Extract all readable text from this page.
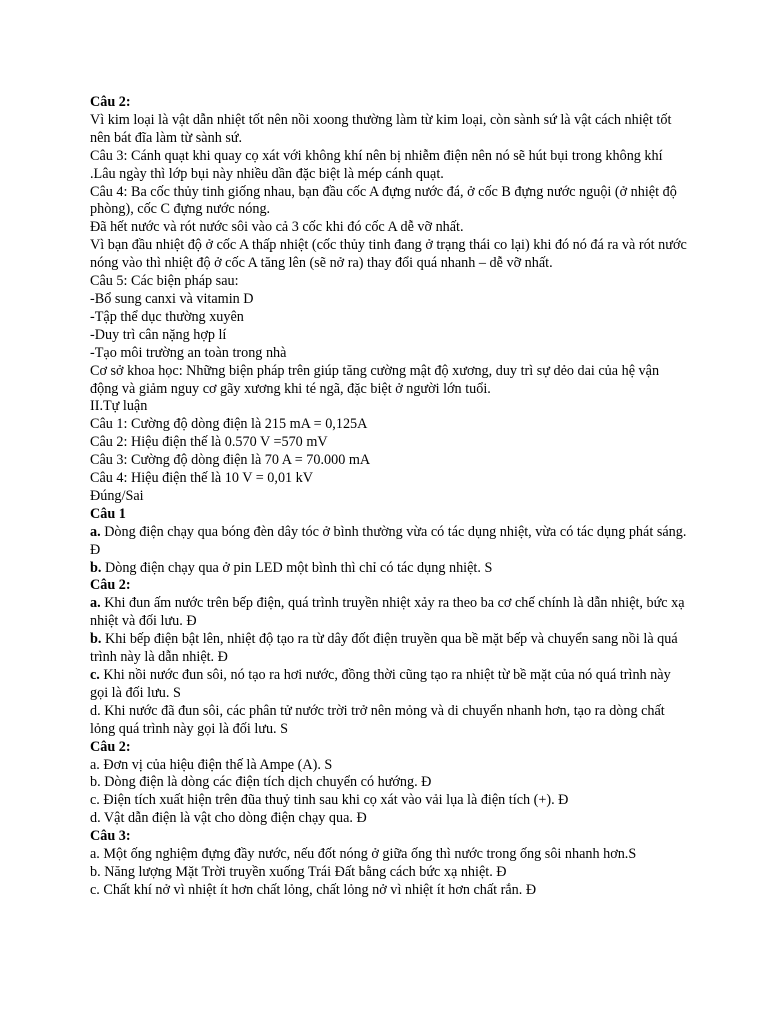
Câu 2:
Vì kim loại là vật dẫn nhiệt tốt nên nồi xoong thường làm từ kim loại, còn sành sứ là vật cách nhiệt tốt nên bát đĩa làm từ sành sứ.
Câu 3: Cánh quạt khi quay cọ xát với không khí nên bị nhiễm điện nên nó sẽ hút bụi trong không khí .Lâu ngày thì lớp bụi này nhiều dần đặc biệt là mép cánh quạt.
Câu 4: Ba cốc thủy tinh giống nhau, bạn đầu cốc A đựng nước đá, ở cốc B đựng nước nguội (ở nhiệt độ phòng), cốc C đựng nước nóng.
Đã hết nước và rót nước sôi vào cả 3 cốc khi đó cốc A dễ vỡ nhất.
Vì bạn đầu nhiệt độ ở cốc A thấp nhiệt (cốc thủy tinh đang ở trạng thái co lại) khi đó nó đá ra và rót nước nóng vào thì nhiệt độ ở cốc A tăng lên (sẽ nở ra) thay đổi quá nhanh – dễ vỡ nhất.
Câu 5: Các biện pháp sau:
-Bổ sung canxi và vitamin D
-Tập thể dục thường xuyên
-Duy trì cân nặng hợp lí
-Tạo môi trường an toàn trong nhà
Cơ sở khoa học: Những biện pháp trên giúp tăng cường mật độ xương, duy trì sự dẻo dai của hệ vận động và giảm nguy cơ gãy xương khi té ngã, đặc biệt ở người lớn tuổi.
II.Tự luận
Câu 1: Cường độ dòng điện là 215 mA = 0,125A
Câu 2: Hiệu điện thế là 0.570 V =570 mV
Câu 3: Cường độ dòng điện là 70 A = 70.000 mA
Câu 4: Hiệu điện thế là 10 V = 0,01 kV
Đúng/Sai
Câu 1
a. Dòng điện chạy qua bóng đèn dây tóc ở bình thường vừa có tác dụng nhiệt, vừa có tác dụng phát sáng. Đ
b. Dòng điện chạy qua ở pin LED một bình thì chỉ có tác dụng nhiệt. S
Câu 2:
a. Khi đun ấm nước trên bếp điện, quá trình truyền nhiệt xảy ra theo ba cơ chế chính là dẫn nhiệt, bức xạ nhiệt và đối lưu. Đ
b. Khi bếp điện bật lên, nhiệt độ tạo ra từ dây đốt điện truyền qua bề mặt bếp và chuyển sang nồi là quá trình này là dẫn nhiệt. Đ
c. Khi nồi nước đun sôi, nó tạo ra hơi nước, đồng thời cũng tạo ra nhiệt từ bề mặt của nó quá trình này gọi là đối lưu. S
d. Khi nước đã đun sôi, các phân tử nước trời trở nên mỏng và di chuyển nhanh hơn, tạo ra dòng chất lỏng quá trình này gọi là đối lưu. S
Câu 2:
a. Đơn vị của hiệu điện thế là Ampe (A). S
b. Dòng điện là dòng các điện tích dịch chuyển có hướng. Đ
c. Điện tích xuất hiện trên đũa thuỷ tinh sau khi cọ xát vào vải lụa là điện tích (+). Đ
d. Vật dẫn điện là vật cho dòng điện chạy qua. Đ
Câu 3:
a. Một ống nghiệm đựng đầy nước, nếu đốt nóng ở giữa ống thì nước trong ống sôi nhanh hơn.S
b. Năng lượng Mặt Trời truyền xuống Trái Đất bằng cách bức xạ nhiệt. Đ
c. Chất khí nở vì nhiệt ít hơn chất lỏng, chất lỏng nở vì nhiệt ít hơn chất rắn. Đ
